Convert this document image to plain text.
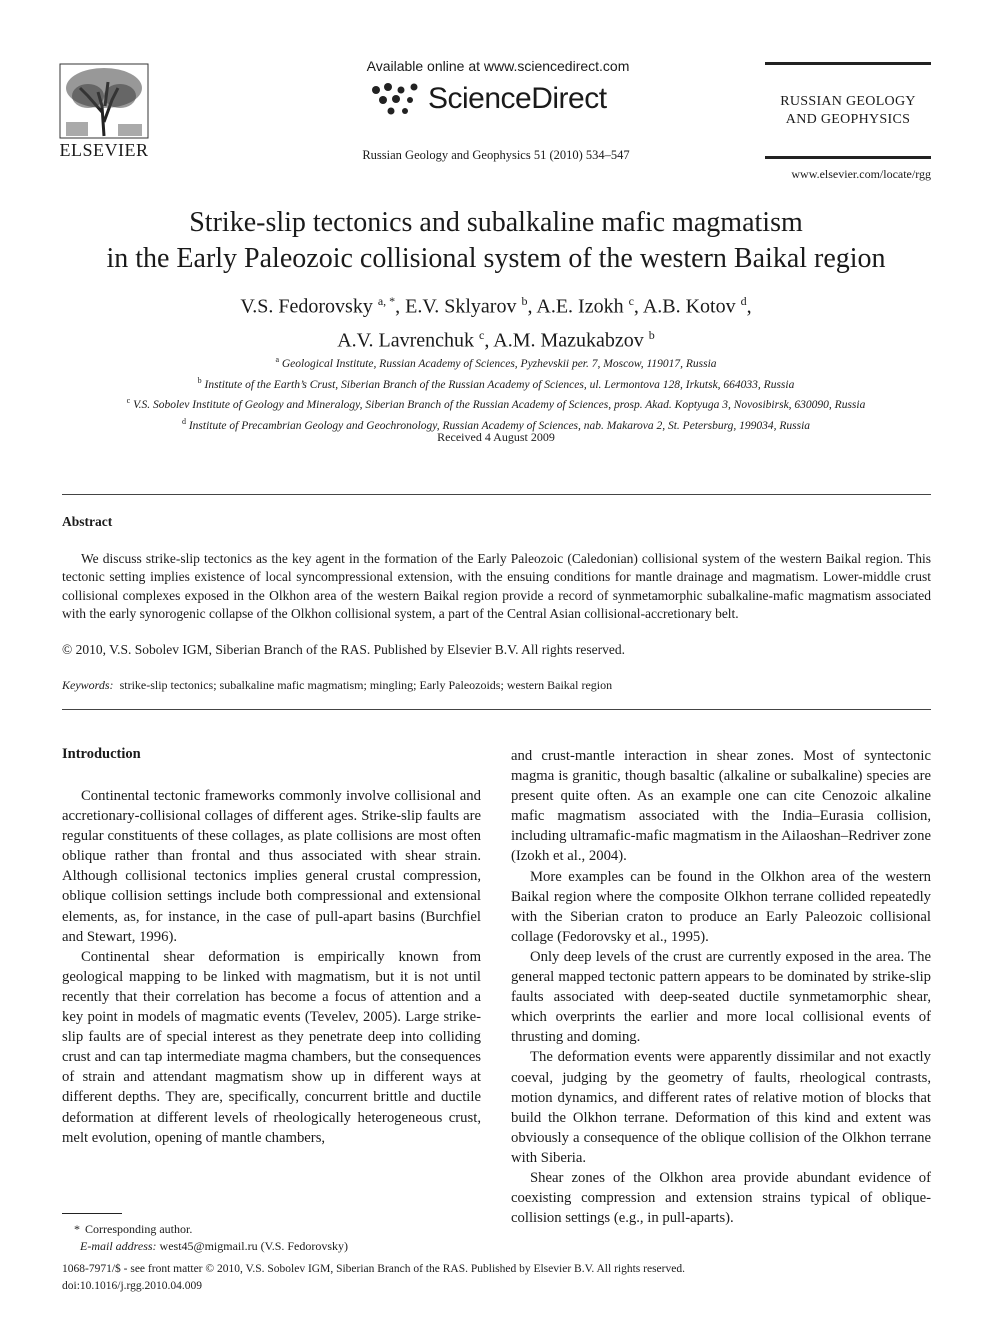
ELSEVIER
Available online at www.sciencedirect.com
ScienceDirect
Russian Geology and Geophysics 51 (2010) 534–547
RUSSIAN GEOLOGY
AND GEOPHYSICS
www.elsevier.com/locate/rgg
Strike-slip tectonics and subalkaline mafic magmatism
in the Early Paleozoic collisional system of the western Baikal region
V.S. Fedorovsky $^{a, *}$, E.V. Sklyarov $^b$, A.E. Izokh $^c$, A.B. Kotov $^d$,
A.V. Lavrenchuk $^c$, A.M. Mazukabzov $^b$
$^a$ Geological Institute, Russian Academy of Sciences, Pyzhevskii per. 7, Moscow, 119017, Russia
$^b$ Institute of the Earth’s Crust, Siberian Branch of the Russian Academy of Sciences, ul. Lermontova 128, Irkutsk, 664033, Russia
$^c$ V.S. Sobolev Institute of Geology and Mineralogy, Siberian Branch of the Russian Academy of Sciences, prosp. Akad. Koptyuga 3, Novosibirsk, 630090, Russia
$^d$ Institute of Precambrian Geology and Geochronology, Russian Academy of Sciences, nab. Makarova 2, St. Petersburg, 199034, Russia
Received 4 August 2009
Abstract
We discuss strike-slip tectonics as the key agent in the formation of the Early Paleozoic (Caledonian) collisional system of the western Baikal region. This tectonic setting implies existence of local syncompressional extension, with the ensuing conditions for mantle drainage and magmatism. Lower-middle crust collisional complexes exposed in the Olkhon area of the western Baikal region provide a record of synmetamorphic subalkaline-mafic magmatism associated with the early synorogenic collapse of the Olkhon collisional system, a part of the Central Asian collisional-accretionary belt.
© 2010, V.S. Sobolev IGM, Siberian Branch of the RAS. Published by Elsevier B.V. All rights reserved.
Keywords: strike-slip tectonics; subalkaline mafic magmatism; mingling; Early Paleozoids; western Baikal region
Introduction

Continental tectonic frameworks commonly involve collisional and accretionary-collisional collages of different ages. Strike-slip faults are regular constituents of these collages, as plate collisions are most often oblique rather than frontal and thus associated with shear strain. Although collisional tectonics implies general crustal compression, oblique collision settings include both compressional and extensional elements, as, for instance, in the case of pull-apart basins (Burchfiel and Stewart, 1996).

Continental shear deformation is empirically known from geological mapping to be linked with magmatism, but it is not until recently that their correlation has become a focus of attention and a key point in models of magmatic events (Tevelev, 2005). Large strike-slip faults are of special interest as they penetrate deep into colliding crust and can tap intermediate magma chambers, but the consequences of strain and attendant magmatism show up in different ways at different depths. They are, specifically, concurrent brittle and ductile deformation at different levels of rheologically heterogeneous crust, melt evolution, opening of mantle chambers,

and crust-mantle interaction in shear zones. Most of syntectonic magma is granitic, though basaltic (alkaline or subalkaline) species are present quite often. As an example one can cite Cenozoic alkaline mafic magmatism associated with the India–Eurasia collision, including ultramafic-mafic magmatism in the Ailaoshan–Redriver zone (Izokh et al., 2004).

More examples can be found in the Olkhon area of the western Baikal region where the composite Olkhon terrane collided repeatedly with the Siberian craton to produce an Early Paleozoic collisional collage (Fedorovsky et al., 1995).

Only deep levels of the crust are currently exposed in the area. The general mapped tectonic pattern appears to be dominated by strike-slip faults associated with deep-seated ductile synmetamorphic shear, which overprints the earlier and more local collisional events of thrusting and doming.

The deformation events were apparently dissimilar and not exactly coeval, judging by the geometry of faults, rheological contrasts, motion dynamics, and different rates of relative motion of blocks that build the Olkhon terrane. Deformation of this kind and extent was obviously a consequence of the oblique collision of the Olkhon terrane with Siberia.

Shear zones of the Olkhon area provide abundant evidence of coexisting compression and extension strains typical of oblique-collision settings (e.g., in pull-aparts).

* Corresponding author.
E-mail address: west45@migmail.ru (V.S. Fedorovsky)
1068-7971/$ - see front matter © 2010, V.S. Sobolev IGM, Siberian Branch of the RAS. Published by Elsevier B.V. All rights reserved.
doi:10.1016/j.rgg.2010.04.009
